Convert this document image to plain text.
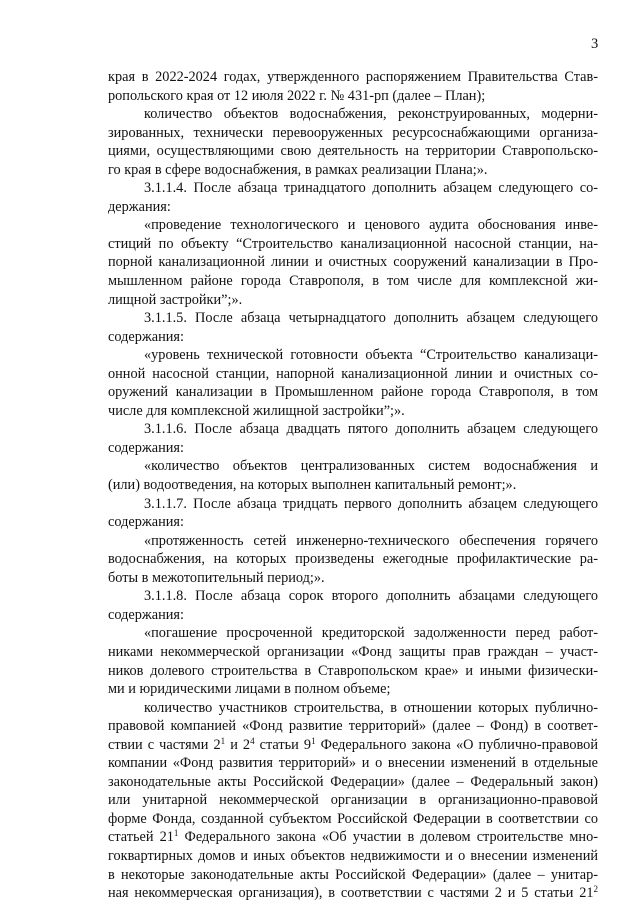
3
края в 2022-2024 годах, утвержденного распоряжением Правительства Став-
ропольского края от 12 июля 2022 г. № 431-рп (далее – План);
количество объектов водоснабжения, реконструированных, модерни-
зированных, технически перевооруженных ресурсоснабжающими организа-
циями, осуществляющими свою деятельность на территории Ставропольско-
го края в сфере водоснабжения, в рамках реализации Плана;».
3.1.1.4. После абзаца тринадцатого дополнить абзацем следующего со-
держания:
«проведение технологического и ценового аудита обоснования инве-
стиций по объекту “Строительство канализационной насосной станции, на-
порной канализационной линии и очистных сооружений канализации в Про-
мышленном районе города Ставрополя, в том числе для комплексной жи-
лищной застройки”;».
3.1.1.5. После абзаца четырнадцатого дополнить абзацем следующего
содержания:
«уровень технической готовности объекта “Строительство канализаци-
онной насосной станции, напорной канализационной линии и очистных со-
оружений канализации в Промышленном районе города Ставрополя, в том
числе для комплексной жилищной застройки”;».
3.1.1.6. После абзаца двадцать пятого дополнить абзацем следующего
содержания:
«количество объектов централизованных систем водоснабжения и
(или) водоотведения, на которых выполнен капитальный ремонт;».
3.1.1.7. После абзаца тридцать первого дополнить абзацем следующего
содержания:
«протяженность сетей инженерно-технического обеспечения горячего
водоснабжения, на которых произведены ежегодные профилактические ра-
боты в межотопительный период;».
3.1.1.8. После абзаца сорок второго дополнить абзацами следующего
содержания:
«погашение просроченной кредиторской задолженности перед работ-
никами некоммерческой организации «Фонд защиты прав граждан – участ-
ников долевого строительства в Ставропольском крае» и иными физически-
ми и юридическими лицами в полном объеме;
количество участников строительства, в отношении которых публично-
правовой компанией «Фонд развитие территорий» (далее – Фонд) в соответ-
ствии с частями $2^1$ и $2^4$ статьи $9^1$ Федерального закона «О публично-правовой
компании «Фонд развития территорий» и о внесении изменений в отдельные
законодательные акты Российской Федерации» (далее – Федеральный закон)
или унитарной некоммерческой организации в организационно-правовой
форме Фонда, созданной субъектом Российской Федерации в соответствии со
статьей $21^1$ Федерального закона «Об участии в долевом строительстве мно-
гоквартирных домов и иных объектов недвижимости и о внесении изменений
в некоторые законодательные акты Российской Федерации» (далее – унитар-
ная некоммерческая организация), в соответствии с частями 2 и 5 статьи $21^2$
